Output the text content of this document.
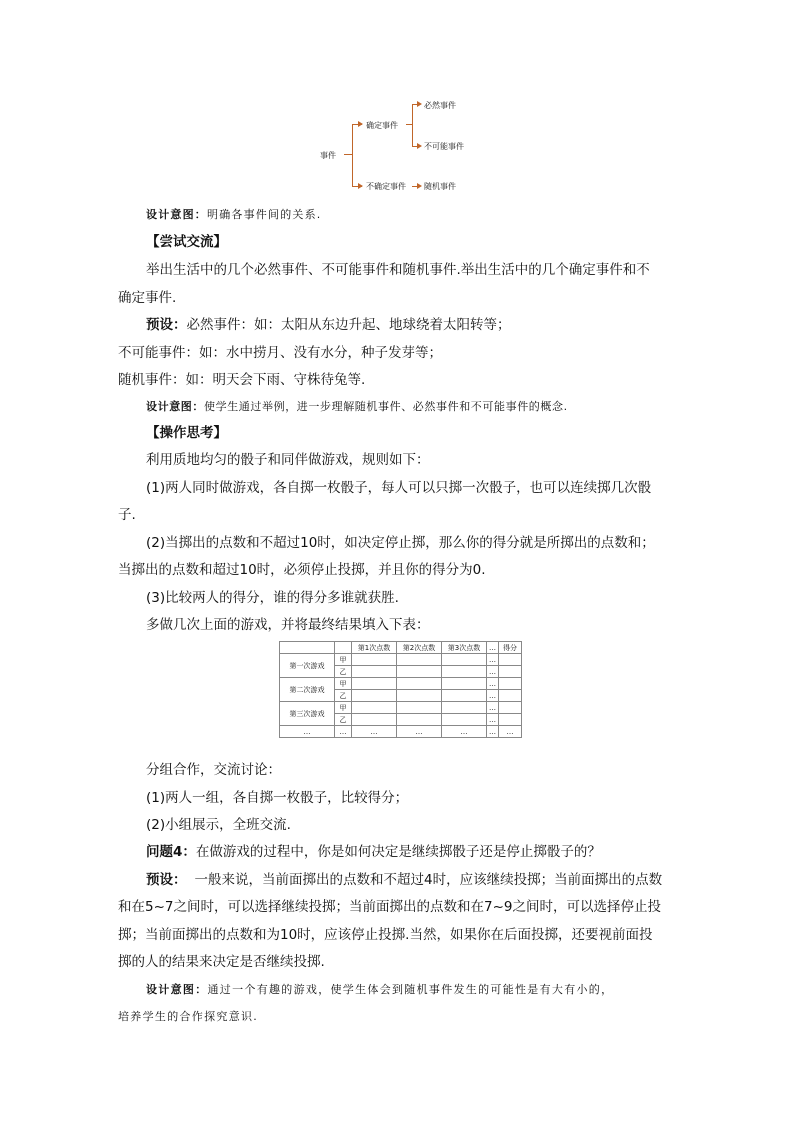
事件
确定事件
不确定事件
必然事件
不可能事件
随机事件
设计意图：明确各事件间的关系.
【尝试交流】
举出生活中的几个必然事件、不可能事件和随机事件.举出生活中的几个确定事件和不
确定事件.
预设：必然事件：如：太阳从东边升起、地球绕着太阳转等；
不可能事件：如：水中捞月、没有水分，种子发芽等；
随机事件：如：明天会下雨、守株待兔等.
设计意图：使学生通过举例，进一步理解随机事件、必然事件和不可能事件的概念.
【操作思考】
利用质地均匀的骰子和同伴做游戏，规则如下：
(1)两人同时做游戏，各自掷一枚骰子，每人可以只掷一次骰子，也可以连续掷几次骰
子.
(2)当掷出的点数和不超过10时，如决定停止掷，那么你的得分就是所掷出的点数和；
当掷出的点数和超过10时，必须停止投掷，并且你的得分为0.
(3)比较两人的得分，谁的得分多谁就获胜.
多做几次上面的游戏，并将最终结果填入下表：
		第1次点数	第2次点数	第3次点数	…	得分
第一次游戏	甲				…	
	乙				…	
第二次游戏	甲				…	
	乙				…	
第三次游戏	甲				…	
	乙				…	
…	…	…	…	…	…	…
分组合作，交流讨论：
(1)两人一组，各自掷一枚骰子，比较得分；
(2)小组展示，全班交流.
问题4：在做游戏的过程中，你是如何决定是继续掷骰子还是停止掷骰子的？
预设： 一般来说，当前面掷出的点数和不超过4时，应该继续投掷；当前面掷出的点数
和在5~7之间时，可以选择继续投掷；当前面掷出的点数和在7~9之间时，可以选择停止投
掷；当前面掷出的点数和为10时，应该停止投掷.当然，如果你在后面投掷，还要视前面投
掷的人的结果来决定是否继续投掷.
设计意图：通过一个有趣的游戏，使学生体会到随机事件发生的可能性是有大有小的，
培养学生的合作探究意识.
